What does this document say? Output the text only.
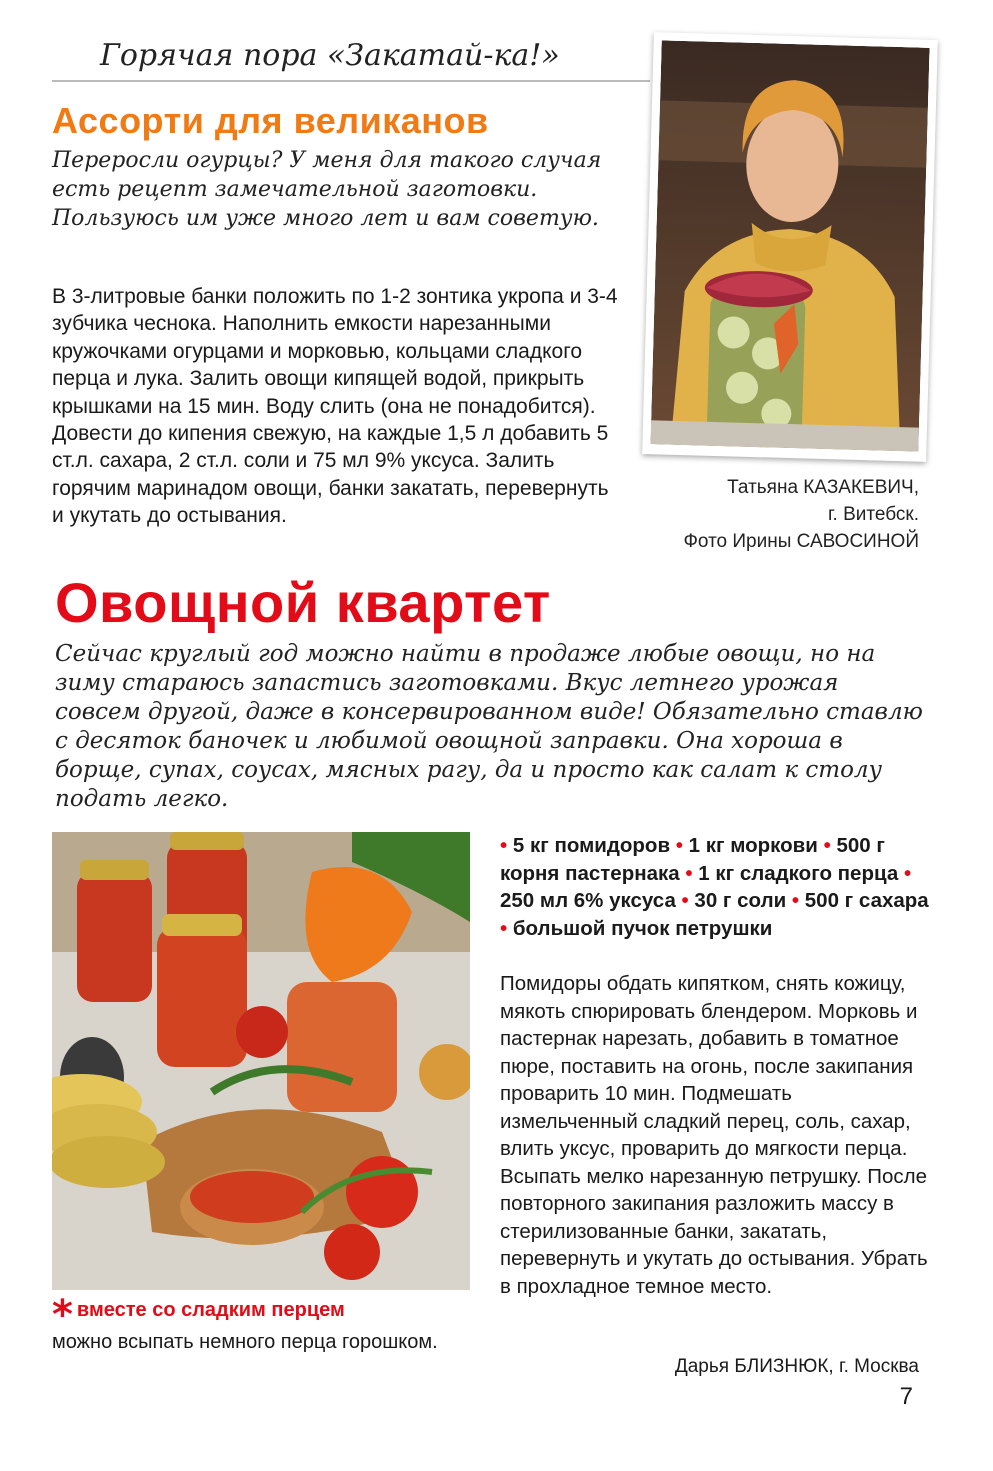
Горячая пора «Закатай-ка!»
Ассорти для великанов
Переросли огурцы? У меня для такого случая есть рецепт замечательной заготовки. Пользуюсь им уже много лет и вам советую.
В 3-литровые банки положить по 1-2 зонтика укропа и 3-4 зубчика чеснока. Наполнить емкости нарезанными кружочками огурцами и морковью, кольцами сладкого перца и лука. Залить овощи кипящей водой, прикрыть крышками на 15 мин. Воду слить (она не понадобится). Довести до кипения свежую, на каждые 1,5 л добавить 5 ст.л. сахара, 2 ст.л. соли и 75 мл 9% уксуса. Залить горячим маринадом овощи, банки закатать, перевернуть и укутать до остывания.
Татьяна КАЗАКЕВИЧ,
г. Витебск.
Фото Ирины САВОСИНОЙ
Овощной квартет
Сейчас круглый год можно найти в продаже любые овощи, но на зиму стараюсь запастись заготовками. Вкус летнего урожая совсем другой, даже в консервированном виде! Обязательно ставлю с десяток баночек и любимой овощной заправки. Она хороша в борще, супах, соусах, мясных рагу, да и просто как салат к столу подать легко.
* вместе со сладким перцем
можно всыпать немного перца горошком.
• 5 кг помидоров • 1 кг моркови • 500 г корня пастернака • 1 кг сладкого перца • 250 мл 6% уксуса • 30 г соли • 500 г сахара • большой пучок петрушки
Помидоры обдать кипятком, снять кожицу, мякоть спюрировать блендером. Морковь и пастернак нарезать, добавить в томатное пюре, поставить на огонь, после закипания проварить 10 мин. Подмешать измельченный сладкий перец, соль, сахар, влить уксус, проварить до мягкости перца. Всыпать мелко нарезанную петрушку. После повторного закипания разложить массу в стерилизованные банки, закатать, перевернуть и укутать до остывания. Убрать в прохладное темное место.
Дарья БЛИЗНЮК, г. Москва
7
